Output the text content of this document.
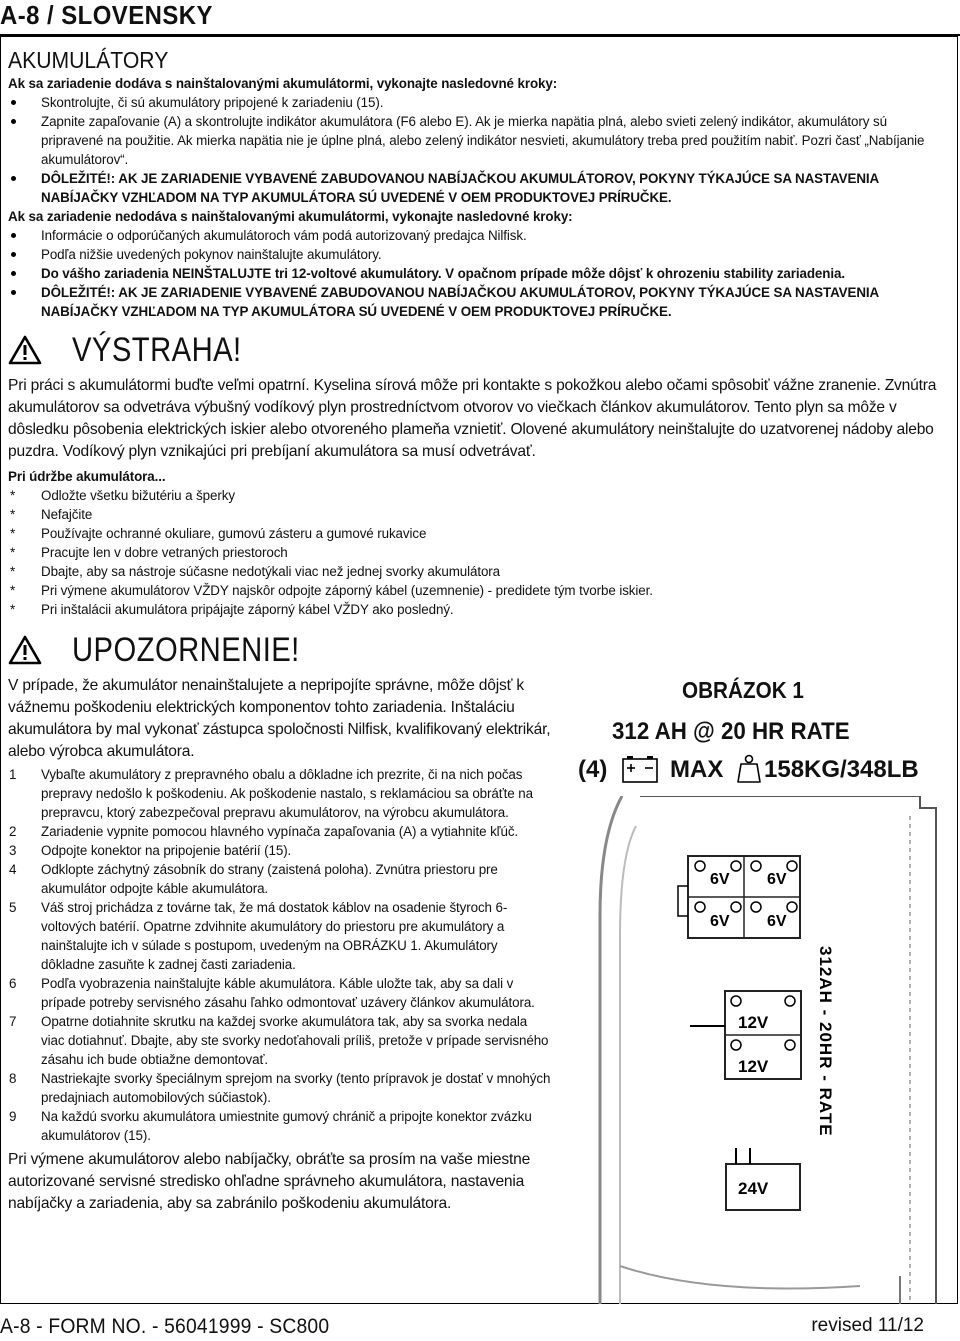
A-8 / SLOVENSKY
AKUMULÁTORY
Ak sa zariadenie dodáva s nainštalovanými akumulátormi, vykonajte nasledovné kroky:
Skontrolujte, či sú akumulátory pripojené k zariadeniu (15).
Zapnite zapaľovanie (A) a skontrolujte indikátor akumulátora (F6 alebo E). Ak je mierka napätia plná, alebo svieti zelený indikátor, akumulátory sú pripravené na použitie. Ak mierka napätia nie je úplne plná, alebo zelený indikátor nesvieti, akumulátory treba pred použitím nabiť. Pozri časť „Nabíjanie akumulátorov“.
DÔLEŽITÉ!: AK JE ZARIADENIE VYBAVENÉ ZABUDOVANOU NABÍJAČKOU AKUMULÁTOROV, POKYNY TÝKAJÚCE SA NASTAVENIA NABÍJAČKY VZHĽADOM NA TYP AKUMULÁTORA SÚ UVEDENÉ V OEM PRODUKTOVEJ PRÍRUČKE.
Ak sa zariadenie nedodáva s nainštalovanými akumulátormi, vykonajte nasledovné kroky:
Informácie o odporúčaných akumulátoroch vám podá autorizovaný predajca Nilfisk.
Podľa nižšie uvedených pokynov nainštalujte akumulátory.
Do vášho zariadenia NEINŠTALUJTE tri 12-voltové akumulátory. V opačnom prípade môže dôjsť k ohrozeniu stability zariadenia.
DÔLEŽITÉ!: AK JE ZARIADENIE VYBAVENÉ ZABUDOVANOU NABÍJAČKOU AKUMULÁTOROV, POKYNY TÝKAJÚCE SA NASTAVENIA NABÍJAČKY VZHĽADOM NA TYP AKUMULÁTORA SÚ UVEDENÉ V OEM PRODUKTOVEJ PRÍRUČKE.
VÝSTRAHA!
Pri práci s akumulátormi buďte veľmi opatrní. Kyselina sírová môže pri kontakte s pokožkou alebo očami spôsobiť vážne zranenie. Zvnútra akumulátorov sa odvetráva výbušný vodíkový plyn prostredníctvom otvorov vo viečkach článkov akumulátorov. Tento plyn sa môže v dôsledku pôsobenia elektrických iskier alebo otvoreného plameňa vznietiť. Olovené akumulátory neinštalujte do uzatvorenej nádoby alebo puzdra. Vodíkový plyn vznikajúci pri prebíjaní akumulátora sa musí odvetrávať.
Pri údržbe akumulátora...
* Odložte všetku bižutériu a šperky
* Nefajčite
* Používajte ochranné okuliare, gumovú zásteru a gumové rukavice
* Pracujte len v dobre vetraných priestoroch
* Dbajte, aby sa nástroje súčasne nedotýkali viac než jednej svorky akumulátora
* Pri výmene akumulátorov VŽDY najskôr odpojte záporný kábel (uzemnenie) - predidete tým tvorbe iskier.
* Pri inštalácii akumulátora pripájajte záporný kábel VŽDY ako posledný.
UPOZORNENIE!
V prípade, že akumulátor nenainštalujete a nepripojíte správne, môže dôjsť k vážnemu poškodeniu elektrických komponentov tohto zariadenia. Inštaláciu akumulátora by mal vykonať zástupca spoločnosti Nilfisk, kvalifikovaný elektrikár, alebo výrobca akumulátora.
1 Vybaľte akumulátory z prepravného obalu a dôkladne ich prezrite, či na nich počas prepravy nedošlo k poškodeniu. Ak poškodenie nastalo, s reklamáciou sa obráťte na prepravcu, ktorý zabezpečoval prepravu akumulátorov, na výrobcu akumulátora.
2 Zariadenie vypnite pomocou hlavného vypínača zapaľovania (A) a vytiahnite kľúč.
3 Odpojte konektor na pripojenie batérií (15).
4 Odklopte záchytný zásobník do strany (zaistená poloha). Zvnútra priestoru pre akumulátor odpojte káble akumulátora.
5 Váš stroj prichádza z továrne tak, že má dostatok káblov na osadenie štyroch 6-voltových batérií. Opatrne zdvihnite akumulátory do priestoru pre akumulátory a nainštalujte ich v súlade s postupom, uvedeným na OBRÁZKU 1. Akumulátory dôkladne zasuňte k zadnej časti zariadenia.
6 Podľa vyobrazenia nainštalujte káble akumulátora. Káble uložte tak, aby sa dali v prípade potreby servisného zásahu ľahko odmontovať uzávery článkov akumulátora.
7 Opatrne dotiahnite skrutku na každej svorke akumulátora tak, aby sa svorka nedala viac dotiahnuť. Dbajte, aby ste svorky nedoťahovali príliš, pretože v prípade servisného zásahu ich bude obtiažne demontovať.
8 Nastriekajte svorky špeciálnym sprejom na svorky (tento prípravok je dostať v mnohých predajniach automobilových súčiastok).
9 Na každú svorku akumulátora umiestnite gumový chránič a pripojte konektor zvázku akumulátorov (15).
Pri výmene akumulátorov alebo nabíjačky, obráťte sa prosím na vaše miestne autorizované servisné stredisko ohľadne správneho akumulátora, nastavenia nabíjačky a zariadenia, aby sa zabránilo poškodeniu akumulátora.
OBRÁZOK 1
312 AH @ 20 HR RATE
(4)	MAX 158KG/348LB
6V 6V
6V 6V
12V
12V
24V
312AH - 20HR - RATE
A-8 - FORM NO. - 56041999 - SC800	revised 11/12
